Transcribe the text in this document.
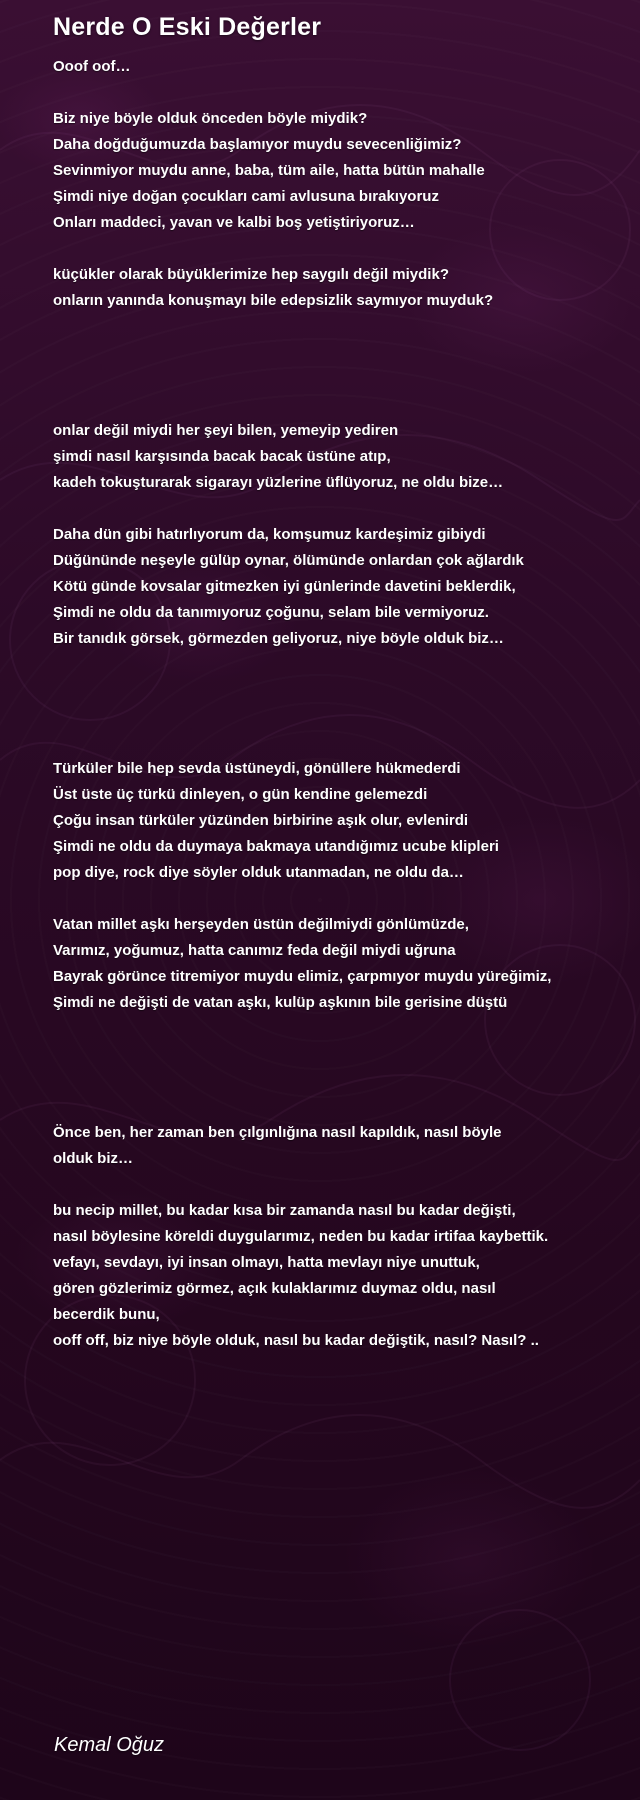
Nerde O Eski Değerler
Ooof oof…
Biz niye böyle olduk önceden böyle miydik?
Daha doğduğumuzda başlamıyor muydu sevecenliğimiz?
Sevinmiyor muydu anne, baba, tüm aile, hatta bütün mahalle
Şimdi niye doğan çocukları cami avlusuna bırakıyoruz
Onları maddeci, yavan ve kalbi boş yetiştiriyoruz…
küçükler olarak büyüklerimize hep saygılı değil miydik?
onların yanında konuşmayı bile edepsizlik saymıyor muyduk?
onlar değil miydi her şeyi bilen, yemeyip yediren
şimdi nasıl karşısında bacak bacak üstüne atıp,
kadeh tokuşturarak sigarayı yüzlerine üflüyoruz, ne oldu bize…
Daha dün gibi hatırlıyorum da, komşumuz kardeşimiz gibiydi
Düğününde neşeyle gülüp oynar, ölümünde onlardan çok ağlardık
Kötü günde kovsalar gitmezken iyi günlerinde davetini beklerdik,
Şimdi ne oldu da tanımıyoruz çoğunu, selam bile vermiyoruz.
Bir tanıdık görsek, görmezden geliyoruz, niye böyle olduk biz…
Türküler bile hep sevda üstüneydi, gönüllere hükmederdi
Üst üste üç türkü dinleyen, o gün kendine gelemezdi
Çoğu insan türküler yüzünden birbirine aşık olur, evlenirdi
Şimdi ne oldu da duymaya bakmaya utandığımız ucube klipleri
pop diye, rock diye söyler olduk utanmadan, ne oldu da…
Vatan millet aşkı herşeyden üstün değilmiydi gönlümüzde,
Varımız, yoğumuz, hatta canımız feda değil miydi uğruna
Bayrak görünce titremiyor muydu elimiz, çarpmıyor muydu yüreğimiz,
Şimdi ne değişti de vatan aşkı, kulüp aşkının bile gerisine düştü
Önce ben, her zaman ben çılgınlığına nasıl kapıldık, nasıl böyle
olduk biz…
bu necip millet, bu kadar kısa bir zamanda nasıl bu kadar değişti,
nasıl böylesine köreldi duygularımız, neden bu kadar irtifaa kaybettik.
vefayı, sevdayı, iyi insan olmayı, hatta mevlayı niye unuttuk,
gören gözlerimiz görmez, açık kulaklarımız duymaz oldu, nasıl
becerdik bunu,
ooff off, biz niye böyle olduk, nasıl bu kadar değiştik, nasıl? Nasıl? ..
Kemal Oğuz
